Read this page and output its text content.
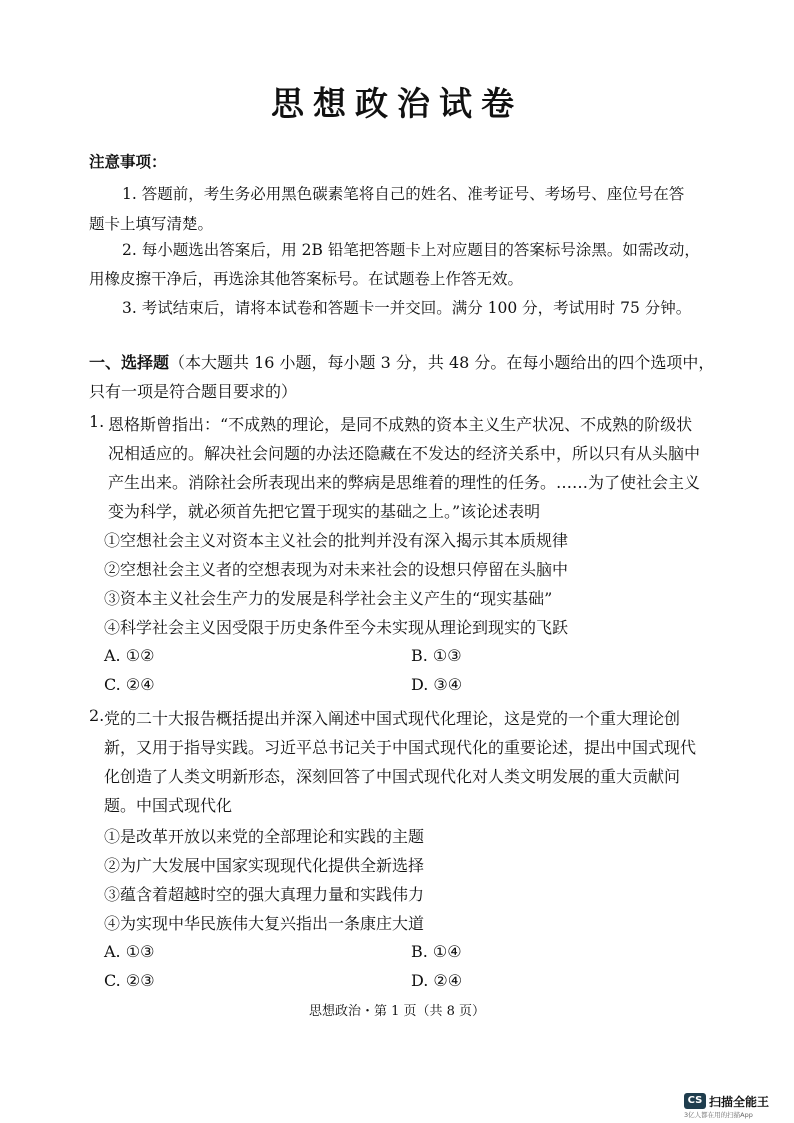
思想政治试卷
注意事项：
1. 答题前，考生务必用黑色碳素笔将自己的姓名、准考证号、考场号、座位号在答
题卡上填写清楚。
2. 每小题选出答案后，用 2B 铅笔把答题卡上对应题目的答案标号涂黑。如需改动，
用橡皮擦干净后，再选涂其他答案标号。在试题卷上作答无效。
3. 考试结束后，请将本试卷和答题卡一并交回。满分 100 分，考试用时 75 分钟。
一、选择题（本大题共 16 小题，每小题 3 分，共 48 分。在每小题给出的四个选项中，只有一项是符合题目要求的）
1. 恩格斯曾指出：“不成熟的理论，是同不成熟的资本主义生产状况、不成熟的阶级状
况相适应的。解决社会问题的办法还隐藏在不发达的经济关系中，所以只有从头脑中
产生出来。消除社会所表现出来的弊病是思维着的理性的任务。……为了使社会主义
变为科学，就必须首先把它置于现实的基础之上。”该论述表明
①空想社会主义对资本主义社会的批判并没有深入揭示其本质规律
②空想社会主义者的空想表现为对未来社会的设想只停留在头脑中
③资本主义社会生产力的发展是科学社会主义产生的“现实基础”
④科学社会主义因受限于历史条件至今未实现从理论到现实的飞跃
A. ①②	B. ①③
C. ②④	D. ③④
2. 党的二十大报告概括提出并深入阐述中国式现代化理论，这是党的一个重大理论创
新，又用于指导实践。习近平总书记关于中国式现代化的重要论述，提出中国式现代
化创造了人类文明新形态，深刻回答了中国式现代化对人类文明发展的重大贡献问
题。中国式现代化
①是改革开放以来党的全部理论和实践的主题
②为广大发展中国家实现现代化提供全新选择
③蕴含着超越时空的强大真理力量和实践伟力
④为实现中华民族伟大复兴指出一条康庄大道
A. ①③	B. ①④
C. ②③	D. ②④
思想政治・第 1 页（共 8 页）
CS 扫描全能王
3亿人都在用的扫描App
